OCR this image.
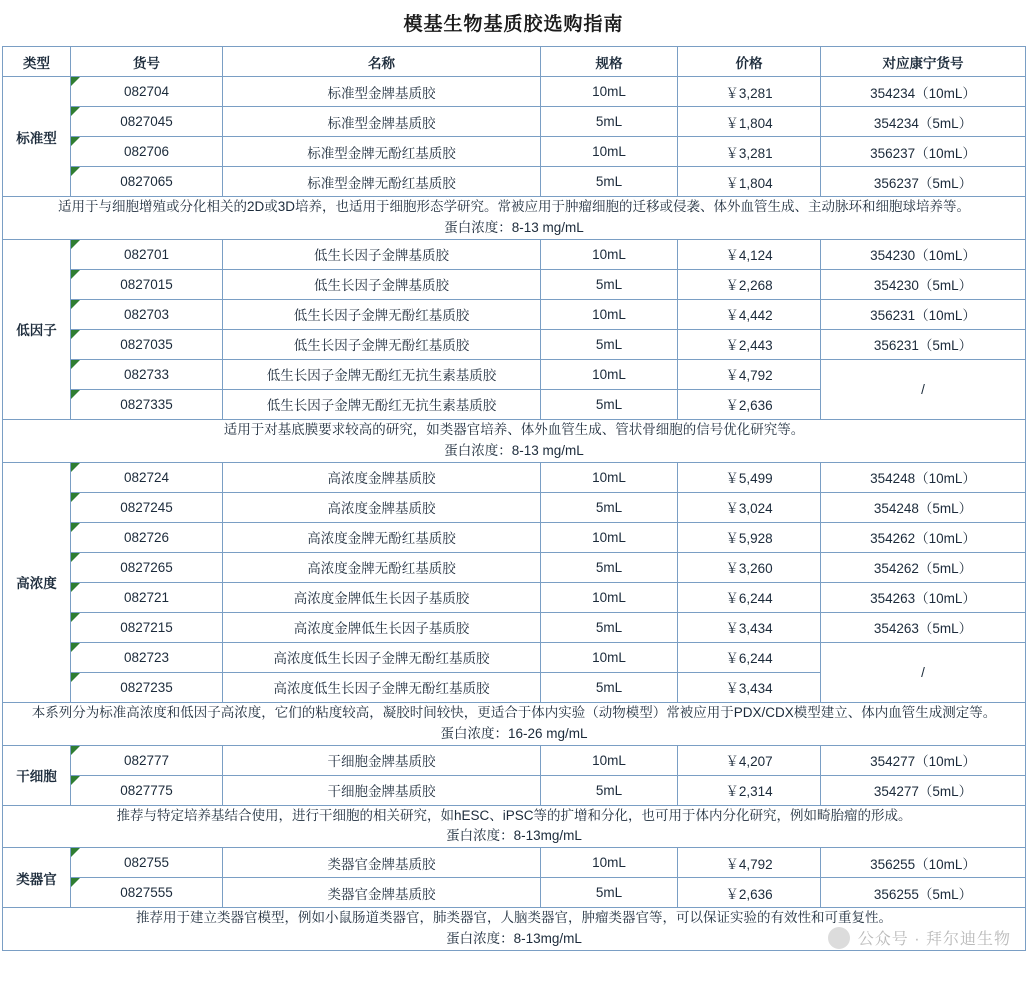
模基生物基质胶选购指南
类型	货号	名称	规格	价格	对应康宁货号
标准型	082704	标准型金牌基质胶	10mL	￥3,281	354234（10mL）

0827045	标准型金牌基质胶	5mL	￥1,804	354234（5mL）

082706	标准型金牌无酚红基质胶	10mL	￥3,281	356237（10mL）

0827065	标准型金牌无酚红基质胶	5mL	￥1,804	356237（5mL）

适用于与细胞增殖或分化相关的2D或3D培养，也适用于细胞形态学研究。常被应用于肿瘤细胞的迁移或侵袭、体外血管生成、主动脉环和细胞球培养等。
蛋白浓度：8-13 mg/mL					

低因子	082701	低生长因子金牌基质胶	10mL	￥4,124	354230（10mL）

0827015	低生长因子金牌基质胶	5mL	￥2,268	354230（5mL）

082703	低生长因子金牌无酚红基质胶	10mL	￥4,442	356231（10mL）

0827035	低生长因子金牌无酚红基质胶	5mL	￥2,443	356231（5mL）

082733	低生长因子金牌无酚红无抗生素基质胶	10mL	￥4,792	/

0827335	低生长因子金牌无酚红无抗生素基质胶	5mL	￥2,636	

适用于对基底膜要求较高的研究，如类器官培养、体外血管生成、管状骨细胞的信号优化研究等。
蛋白浓度：8-13 mg/mL					

高浓度	082724	高浓度金牌基质胶	10mL	￥5,499	354248（10mL）

0827245	高浓度金牌基质胶	5mL	￥3,024	354248（5mL）

082726	高浓度金牌无酚红基质胶	10mL	￥5,928	354262（10mL）

0827265	高浓度金牌无酚红基质胶	5mL	￥3,260	354262（5mL）

082721	高浓度金牌低生长因子基质胶	10mL	￥6,244	354263（10mL）

0827215	高浓度金牌低生长因子基质胶	5mL	￥3,434	354263（5mL）

082723	高浓度低生长因子金牌无酚红基质胶	10mL	￥6,244	/

0827235	高浓度低生长因子金牌无酚红基质胶	5mL	￥3,434	

本系列分为标准高浓度和低因子高浓度，它们的粘度较高，凝胶时间较快，更适合于体内实验（动物模型）常被应用于PDX/CDX模型建立、体内血管生成测定等。
蛋白浓度：16-26 mg/mL					

干细胞	082777	干细胞金牌基质胶	10mL	￥4,207	354277（10mL）

0827775	干细胞金牌基质胶	5mL	￥2,314	354277（5mL）

推荐与特定培养基结合使用，进行干细胞的相关研究，如hESC、iPSC等的扩增和分化，也可用于体内分化研究，例如畸胎瘤的形成。
蛋白浓度：8-13mg/mL					

类器官	082755	类器官金牌基质胶	10mL	￥4,792	356255（10mL）

0827555	类器官金牌基质胶	5mL	￥2,636	356255（5mL）

推荐用于建立类器官模型，例如小鼠肠道类器官，肺类器官，人脑类器官，肿瘤类器官等，可以保证实验的有效性和可重复性。
蛋白浓度：8-13mg/mL						公众号 · 拜尔迪生物
